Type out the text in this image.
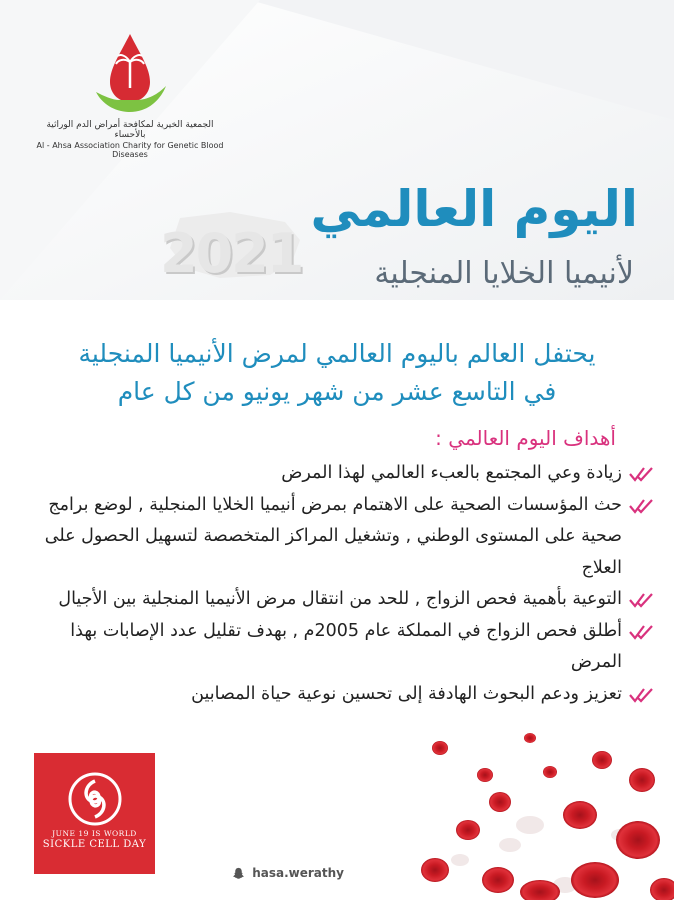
الجمعية الخيرية لمكافحة أمراض الدم الوراثية بالأحساء
Al - Ahsa Association Charity for Genetic Blood Diseases
2021
اليوم العالمي
لأنيميا الخلايا المنجلية
يحتفل العالم باليوم العالمي لمرض الأنيميا المنجلية
في التاسع عشر من شهر يونيو من كل عام
أهداف اليوم العالمي :
زيادة وعي المجتمع بالعبء العالمي لهذا المرض
حث المؤسسات الصحية على الاهتمام بمرض أنيميا الخلايا المنجلية , لوضع برامج صحية على المستوى الوطني , وتشغيل المراكز المتخصصة لتسهيل الحصول على العلاج
التوعية بأهمية فحص الزواج , للحد من انتقال مرض الأنيميا المنجلية بين الأجيال
أطلق فحص الزواج في المملكة عام 2005م , بهدف تقليل عدد الإصابات بهذا المرض
تعزيز ودعم البحوث الهادفة إلى تحسين نوعية حياة المصابين
JUNE 19 IS WORLD
SICKLE CELL DAY
hasa.werathy
